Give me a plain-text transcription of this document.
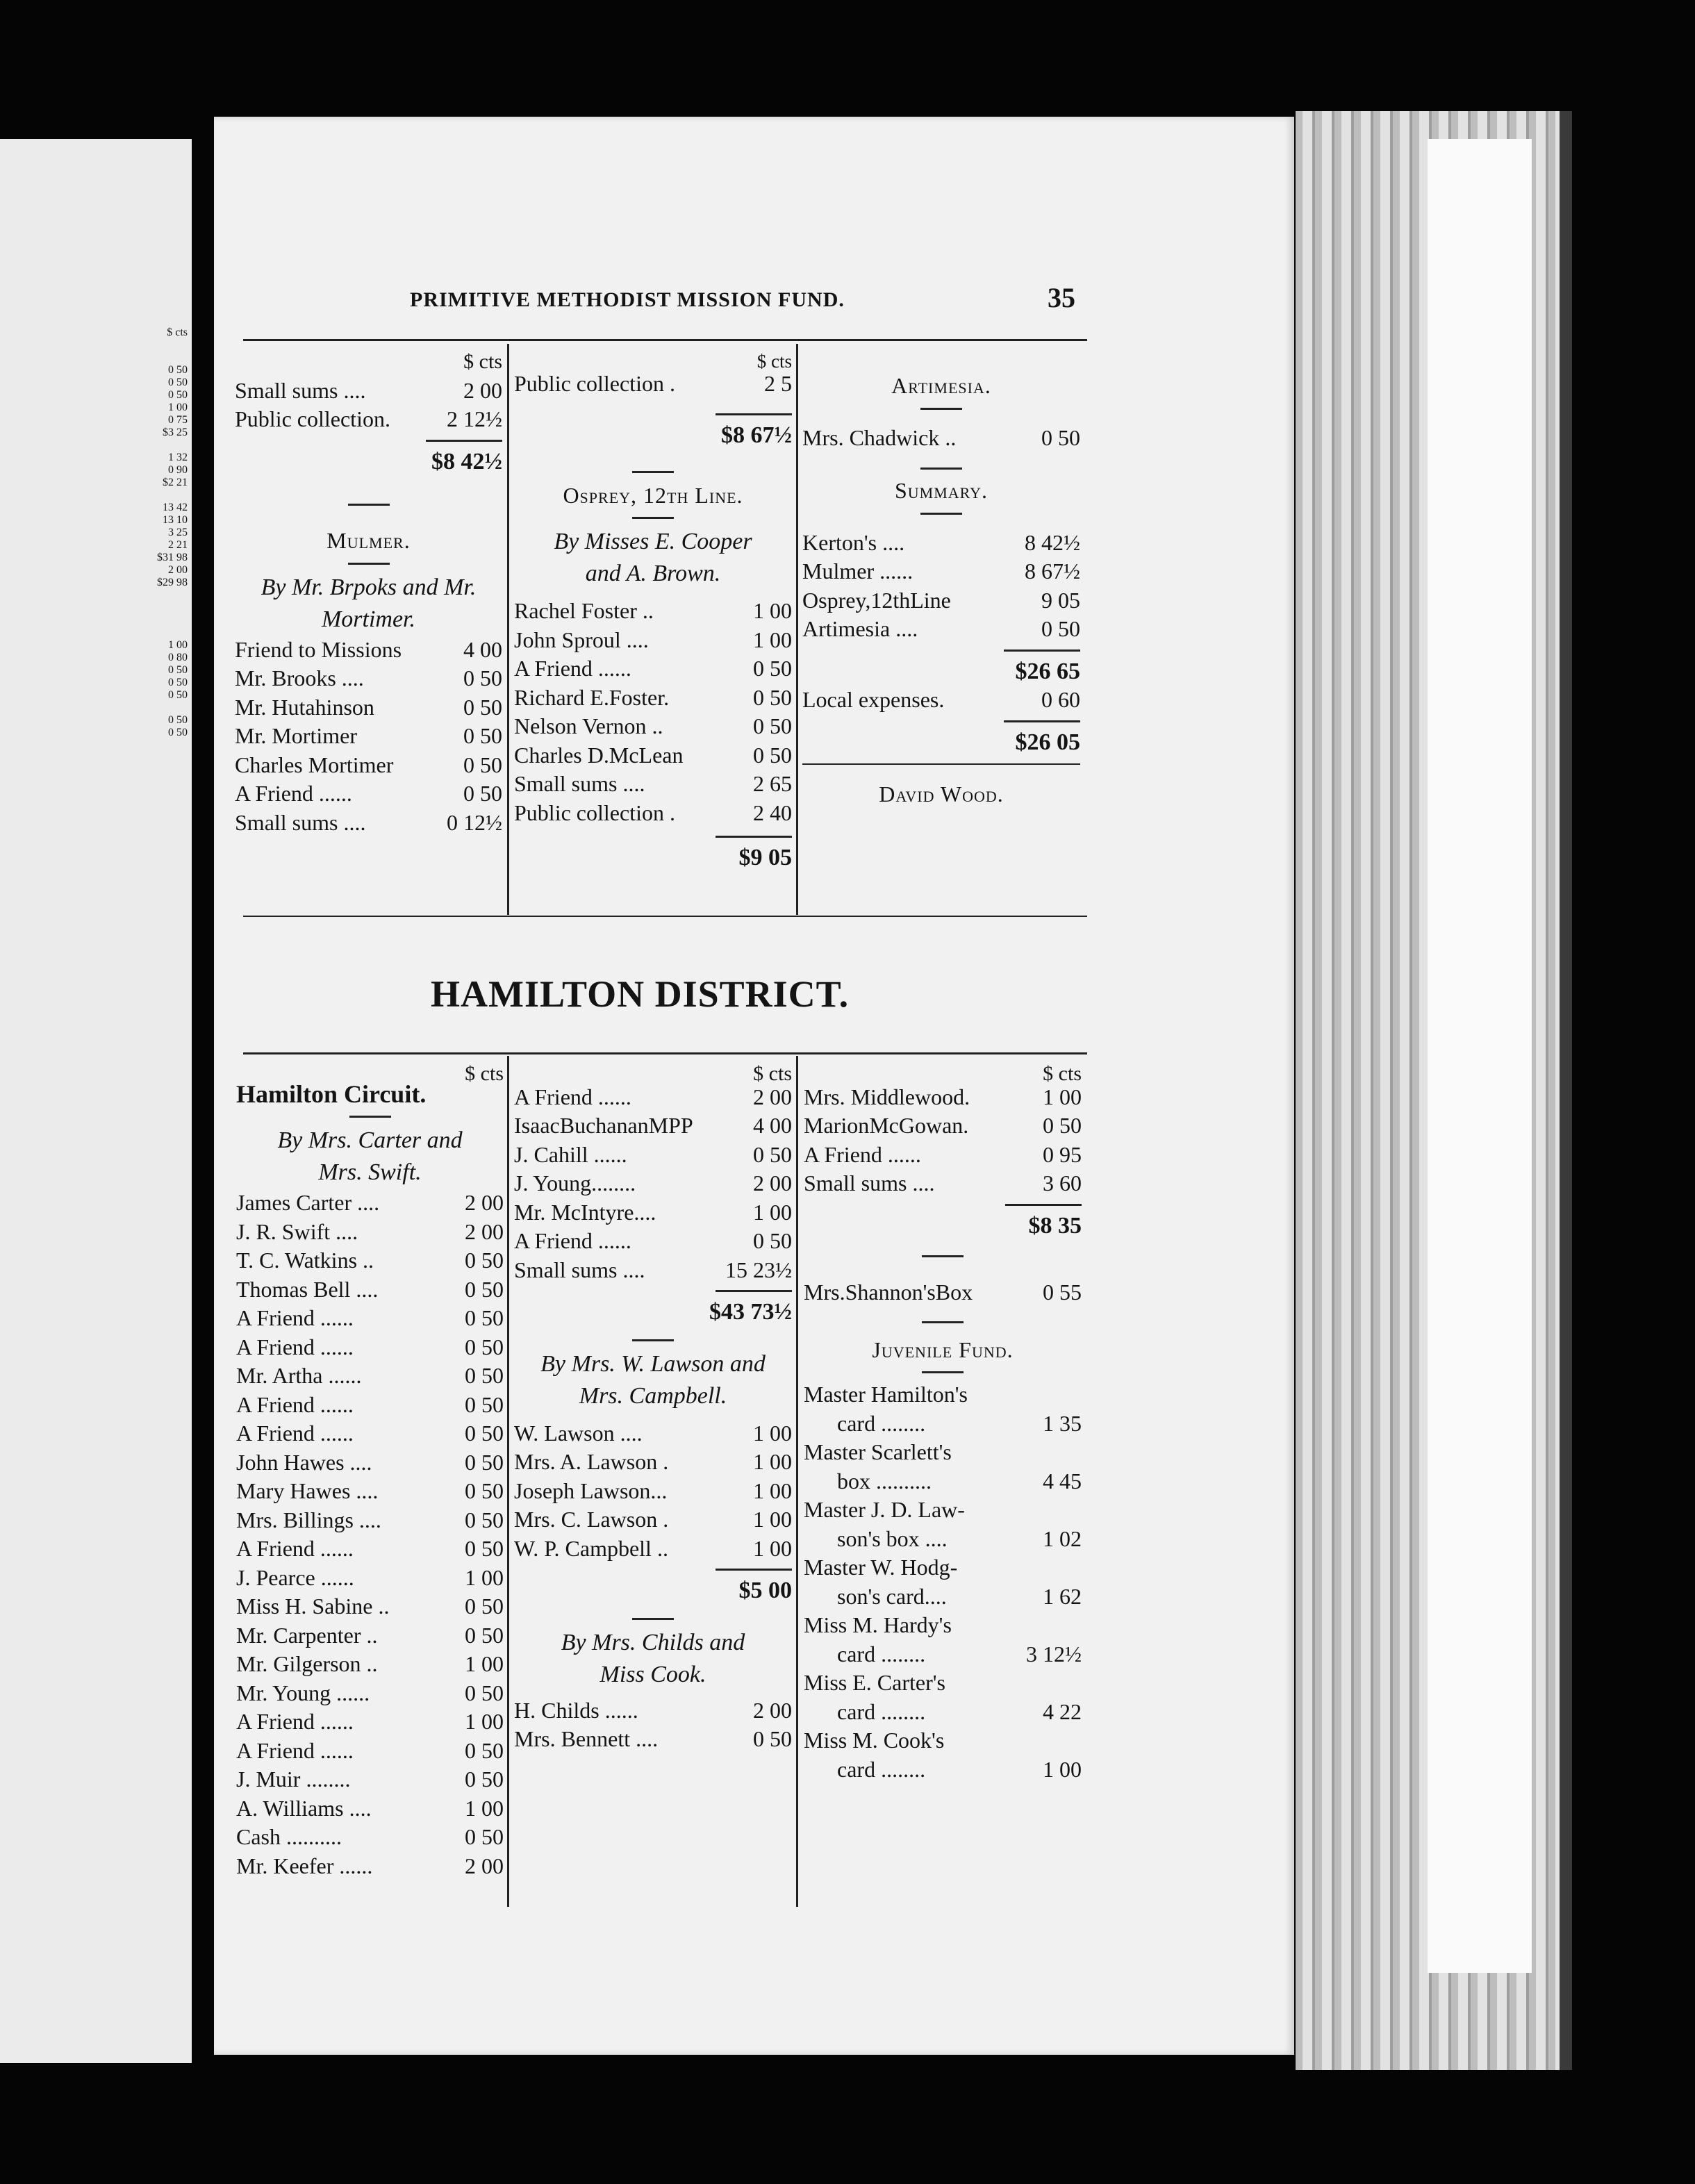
$ cts
0 50
0 50
0 50
1 00
0 75
$3 25
1 32
0 90
$2 21
13 42
13 10
3 25
2 21
$31 98
2 00
$29 98
1 00
0 80
0 50
0 50
0 50
0 50
0 50
PRIMITIVE METHODIST MISSION FUND.	35
$ cts
Small sums ....	2 00
Public collection.	2 12½
$8 42½
Mulmer.
By Mr. Brpoks and Mr.
Mortimer.
Friend to Missions	4 00
Mr. Brooks ....	0 50
Mr. Hutahinson	0 50
Mr. Mortimer	0 50
Charles Mortimer	0 50
A Friend ......	0 50
Small sums ....	0 12½
$ cts
Public collection .	2 5
$8 67½
Osprey, 12th Line.
By Misses E. Cooper
and A. Brown.
Rachel Foster ..	1 00
John Sproul ....	1 00
A Friend ......	0 50
Richard E.Foster.	0 50
Nelson Vernon ..	0 50
Charles D.McLean	0 50
Small sums ....	2 65
Public collection .	2 40
$9 05
Artimesia.
Mrs. Chadwick ..	0 50
Summary.
Kerton's ....	8 42½
Mulmer ......	8 67½
Osprey,12thLine	9 05
Artimesia ....	0 50
$26 65
Local expenses.	0 60
$26 05
David Wood.
HAMILTON DISTRICT.
$ cts
Hamilton Circuit.
By Mrs. Carter and
Mrs. Swift.
James Carter ....	2 00
J. R. Swift ....	2 00
T. C. Watkins ..	0 50
Thomas Bell ....	0 50
A Friend ......	0 50
A Friend ......	0 50
Mr. Artha ......	0 50
A Friend ......	0 50
A Friend ......	0 50
John Hawes ....	0 50
Mary Hawes ....	0 50
Mrs. Billings ....	0 50
A Friend ......	0 50
J. Pearce ......	1 00
Miss H. Sabine ..	0 50
Mr. Carpenter ..	0 50
Mr. Gilgerson ..	1 00
Mr. Young ......	0 50
A Friend ......	1 00
A Friend ......	0 50
J. Muir ........	0 50
A. Williams ....	1 00
Cash ..........	0 50
Mr. Keefer ......	2 00
$ cts
A Friend ......	2 00
IsaacBuchananMPP	4 00
J. Cahill ......	0 50
J. Young........	2 00
Mr. McIntyre....	1 00
A Friend ......	0 50
Small sums ....	15 23½
$43 73½
By Mrs. W. Lawson and
Mrs. Campbell.
W. Lawson ....	1 00
Mrs. A. Lawson .	1 00
Joseph Lawson...	1 00
Mrs. C. Lawson .	1 00
W. P. Campbell ..	1 00
$5 00
By Mrs. Childs and
Miss Cook.
H. Childs ......	2 00
Mrs. Bennett ....	0 50
$ cts
Mrs. Middlewood.	1 00
MarionMcGowan.	0 50
A Friend ......	0 95
Small sums ....	3 60
$8 35
Mrs.Shannon'sBox	0 55
Juvenile Fund.
Master Hamilton's
card ........	1 35
Master Scarlett's
box ..........	4 45
Master J. D. Law-
son's box ....	1 02
Master W. Hodg-
son's card....	1 62
Miss M. Hardy's
card ........	3 12½
Miss E. Carter's
card ........	4 22
Miss M. Cook's
card ........	1 00
